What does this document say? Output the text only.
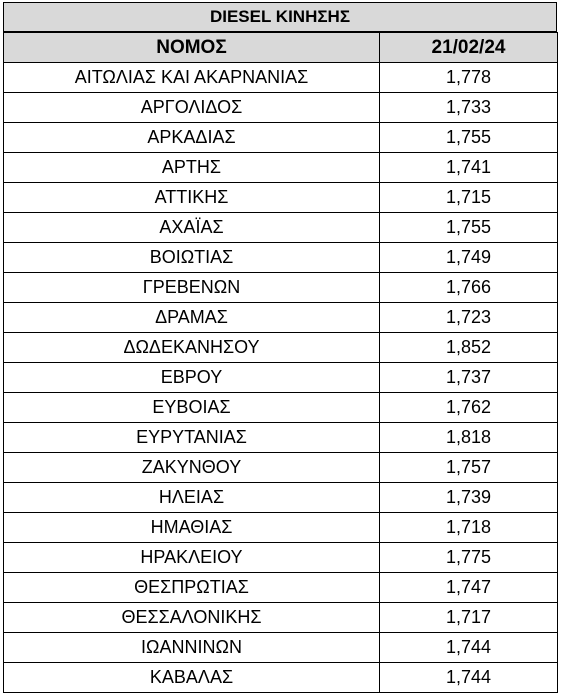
DIESEL ΚΙΝΗΣΗΣ
ΝΟΜΟΣ	21/02/24
ΑΙΤΩΛΙΑΣ ΚΑΙ ΑΚΑΡΝΑΝΙΑΣ	1,778
ΑΡΓΟΛΙΔΟΣ	1,733
ΑΡΚΑΔΙΑΣ	1,755
ΑΡΤΗΣ	1,741
ΑΤΤΙΚΗΣ	1,715
ΑΧΑΪΑΣ	1,755
ΒΟΙΩΤΙΑΣ	1,749
ΓΡΕΒΕΝΩΝ	1,766
ΔΡΑΜΑΣ	1,723
ΔΩΔΕΚΑΝΗΣΟΥ	1,852
ΕΒΡΟΥ	1,737
ΕΥΒΟΙΑΣ	1,762
ΕΥΡΥΤΑΝΙΑΣ	1,818
ΖΑΚΥΝΘΟΥ	1,757
ΗΛΕΙΑΣ	1,739
ΗΜΑΘΙΑΣ	1,718
ΗΡΑΚΛΕΙΟΥ	1,775
ΘΕΣΠΡΩΤΙΑΣ	1,747
ΘΕΣΣΑΛΟΝΙΚΗΣ	1,717
ΙΩΑΝΝΙΝΩΝ	1,744
ΚΑΒΑΛΑΣ	1,744
